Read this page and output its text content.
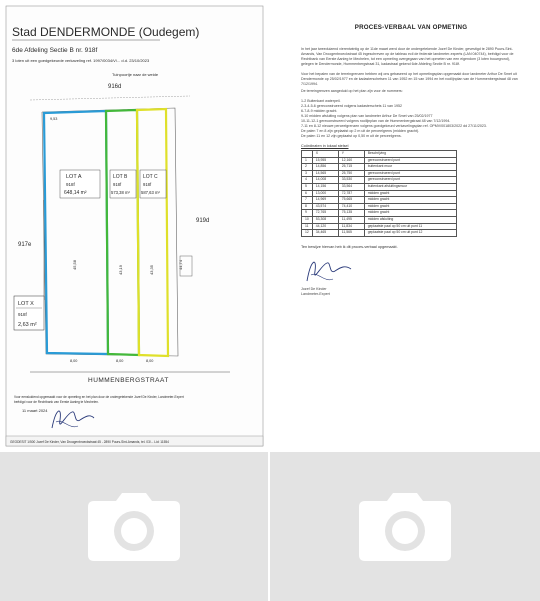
Stad DENDERMONDE (Oudegem)
6de Afdeling Sectie B nr. 918f
3 loten uit een goedgekeurde verkaveling ref. 1997/0034/V/... d.d. 23/10/2023
916d
Tuinpoortje naar de weide
917e
919d
LOT A
918f
648,14 m²
LOT B
918f
573,38 m²
LOT C
918f
587,63 m²
LOT X
918f
2,63 m²
45,58	43,19	43,35	44,74
8,00	8,00	8,00
9,53
HUMMENBERGSTRAAT
Voor eensluidend opgemaakt voor de opmeting en het plan door de ondergetekende Jozef De Kinder, Landmeter-Expert
beëdigd voor de Rechtbank van Eerste Aanleg te Mechelen.
11 maart 2024
GEODESIT 1/500 Jozef De Kinder, Van Droogenbroeckstraat 45 - 2890 Puurs-Sint-Amands, tel. 03/... Lid: 11554
PROCES-VERBAAL VAN OPMETING

In het jaar tweeduizend vierentwintig op de 11de maart werd door de ondergetekende Jozef De Kinder, gevestigd te 2890 Puurs-Sint-Amands, Van Droogenbroeckstraat 45 ingeschreven op de tableau ecil de federale landmeter-experts (LAN 040744), beëdigd voor de Rechtbank van Eerste Aanleg te Mechelen, tot een opmeting overgegaan van het opmeten van een eigendom (3 loten bouwgrond), gelegen te Dendermonde, Hummenbergstraat 31, kadastraal gekend 6de Afdeling Sectie B nr. 918f.

Voor het bepalen van de terreingrenzen hebben wij ons gebaseerd op het opmetingsplan opgemaakt door landmeter Arthur De Smet uit Dendermonde op 25/02/1977 en de kadasterschetsen 11 van 1952 en 15 van 1994 en het rooilijnplan van de Hummenbergstraat 48 van 7/12/1994.

De terreingrenzen aangeduid op het plan zijn voor de nummers:

1-2 Buitenkant waterpeil.
2-3-4-5-6 gereconstrueerd volgens kadasterschets 11 van 1952
6-7-8-9 midden gracht.
9-10 midden afsluiting volgens plan van landmeter Arthur De Smet van 25/02/1977
10-11-12-1 gereconstrueerd volgens rooilijnplan van de Hummenbergstraat 48 van 7/12/1994.
7-11 en 8-12 nieuwe perceelgrenzen volgens goedgekeurd verkavelingsplan ref. OPMV/001803/2022 dd 27/11/2023.
De palen 7 en 8 zijn geplaatst op 2 m uit de perceelgrens (midden gracht).
De palen 11 en 12 zijn geplaatst op 0,50 m uit de perceelgrens.
Coördinaten in lokaal stelsel
	X	Y	Beschrijving
1	15,955	12,160	gereconstrueerd punt
2	14,856	25,715	buitenkant muur
3	14,565	25,750	gereconstrueerd punt
4	14,008	33,530	gereconstrueerd punt
5	14,156	33,564	buitenkant afsluitingsmuur
6	13,000	72,787	midden gracht
7	14,969	75,665	midden gracht
8	43,574	74,410	midden gracht
9	72,765	75,135	midden gracht
10	53,308	11,495	midden afsluiting
11	44,120	11,834	geplaatste paal op 50 cm uit punt 11
12	34,465	11,565	geplaatste paal op 50 cm uit punt 12
Ten bewijze hiervan heb ik dit proces-verbaal opgemaakt.
Jozef De Kinder
Landmeter-Expert
